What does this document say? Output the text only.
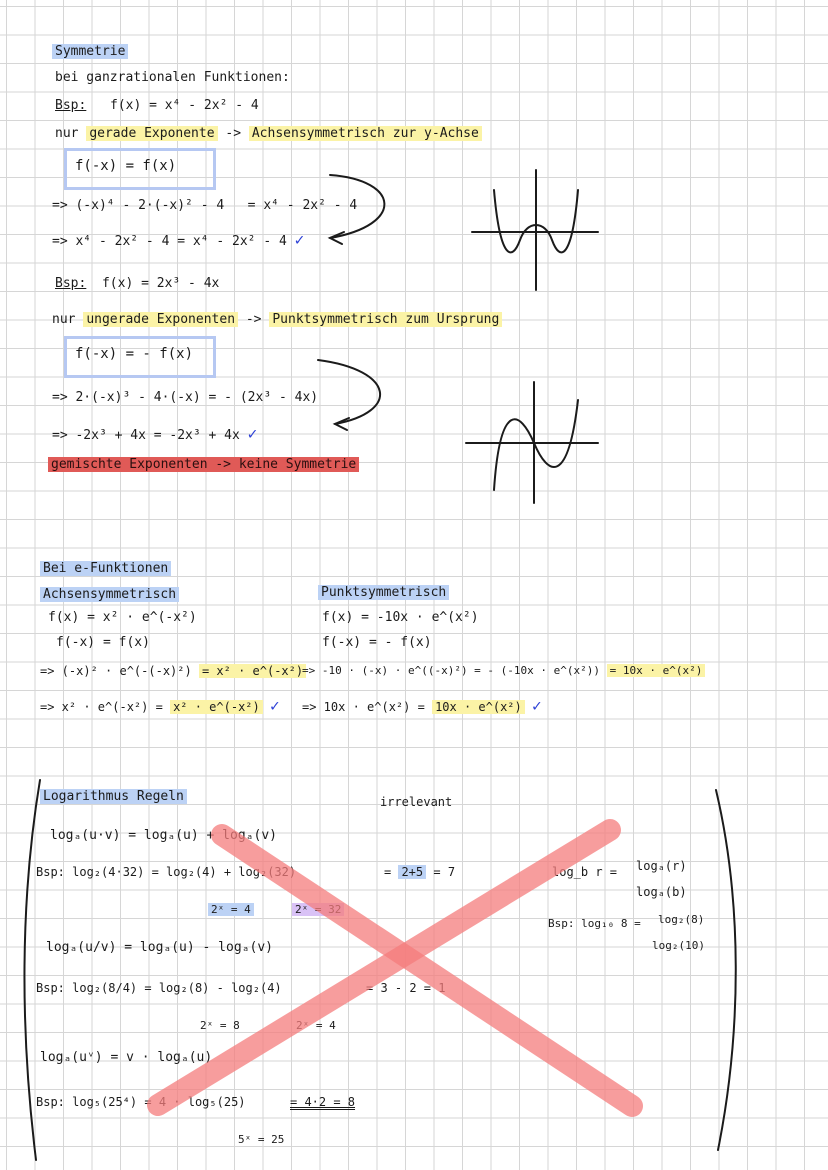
Symmetrie
bei ganzrationalen Funktionen:
Bsp: f(x) = x⁴ - 2x² - 4
nur gerade Exponente -> Achsensymmetrisch zur y-Achse
f(-x) = f(x)
=> (-x)⁴ - 2·(-x)² - 4 = x⁴ - 2x² - 4
=> x⁴ - 2x² - 4 = x⁴ - 2x² - 4 ✓
Bsp: f(x) = 2x³ - 4x
nur ungerade Exponenten -> Punktsymmetrisch zum Ursprung
f(-x) = - f(x)
=> 2·(-x)³ - 4·(-x) = - (2x³ - 4x)
=> -2x³ + 4x = -2x³ + 4x ✓
gemischte Exponenten -> keine Symmetrie
Bei e-Funktionen
Achsensymmetrisch
f(x) = x² · e^(-x²)
f(-x) = f(x)
=> (-x)² · e^(-(-x)²) = x² · e^(-x²)
=> x² · e^(-x²) = x² · e^(-x²) ✓
Punktsymmetrisch
f(x) = -10x · e^(x²)
f(-x) = - f(x)
=> -10 · (-x) · e^((-x)²) = - (-10x · e^(x²)) = 10x · e^(x²)
=> 10x · e^(x²) = 10x · e^(x²) ✓
Logarithmus Regeln	irrelevant
logₐ(u·v) = logₐ(u) + logₐ(v)
Bsp: log₂(4·32) = log₂(4) + log₂(32)	= 2+5 = 7
2ˣ = 4	2ˣ = 32
logₐ(u/v) = logₐ(u) - logₐ(v)
Bsp: log₂(8/4) = log₂(8) - log₂(4)	= 3 - 2 = 1
2ˣ = 8	2ˣ = 4
logₐ(uᵛ) = v · logₐ(u)
Bsp: log₅(25⁴) = 4 · log₅(25)	= 4·2 = 8
5ˣ = 25
log_b r = logₐ(r)
logₐ(b)
Bsp: log₁₀ 8 = log₂(8)
log₂(10)
